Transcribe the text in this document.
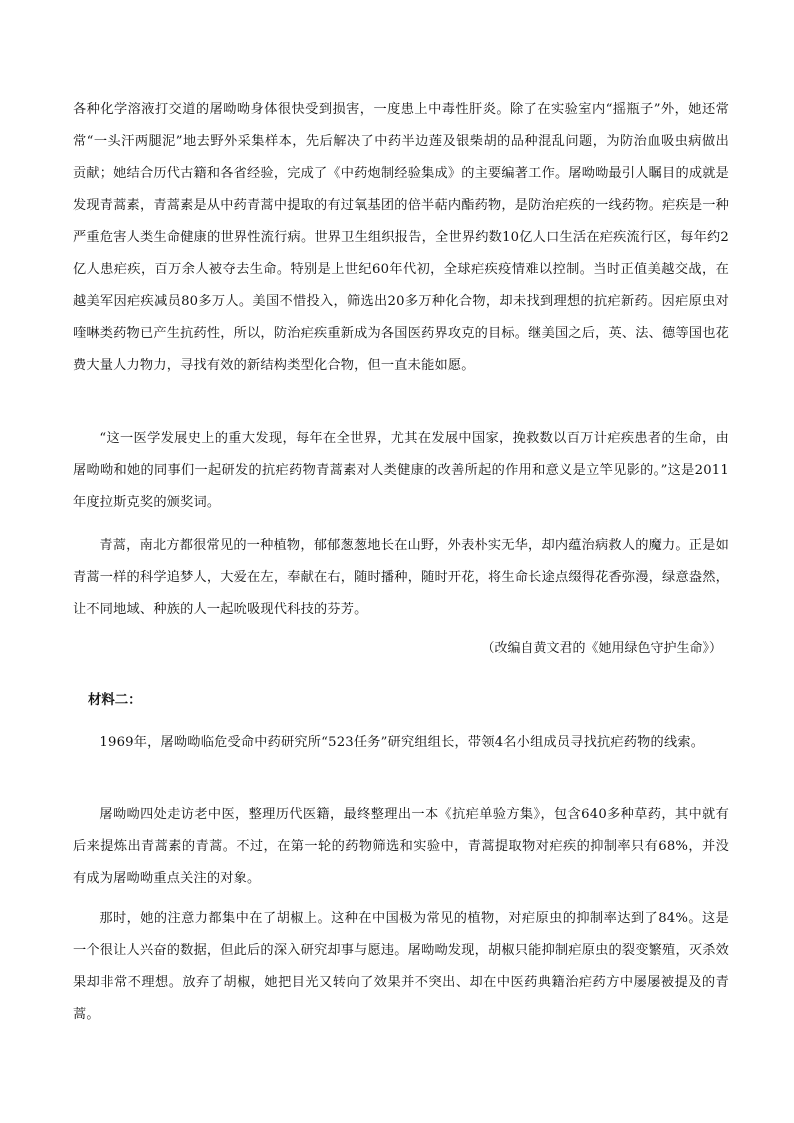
各种化学溶液打交道的屠呦呦身体很快受到损害，一度患上中毒性肝炎。除了在实验室内“摇瓶子”外，她还常常“一头汗两腿泥”地去野外采集样本，先后解决了中药半边莲及银柴胡的品种混乱问题，为防治血吸虫病做出贡献；她结合历代古籍和各省经验，完成了《中药炮制经验集成》的主要编著工作。屠呦呦最引人瞩目的成就是发现青蒿素，青蒿素是从中药青蒿中提取的有过氧基团的倍半萜内酯药物，是防治疟疾的一线药物。疟疾是一种严重危害人类生命健康的世界性流行病。世界卫生组织报告，全世界约数10亿人口生活在疟疾流行区，每年约2亿人患疟疾，百万余人被夺去生命。特别是上世纪60年代初，全球疟疾疫情难以控制。当时正值美越交战，在越美军因疟疾减员80多万人。美国不惜投入，筛选出20多万种化合物，却未找到理想的抗疟新药。因疟原虫对喹啉类药物已产生抗药性，所以，防治疟疾重新成为各国医药界攻克的目标。继美国之后，英、法、德等国也花费大量人力物力，寻找有效的新结构类型化合物，但一直未能如愿。

“这一医学发展史上的重大发现，每年在全世界，尤其在发展中国家，挽救数以百万计疟疾患者的生命，由屠呦呦和她的同事们一起研发的抗疟药物青蒿素对人类健康的改善所起的作用和意义是立竿见影的。”这是2011年度拉斯克奖的颁奖词。

青蒿，南北方都很常见的一种植物，郁郁葱葱地长在山野，外表朴实无华，却内蕴治病救人的魔力。正是如青蒿一样的科学追梦人，大爱在左，奉献在右，随时播种，随时开花，将生命长途点缀得花香弥漫，绿意盎然，让不同地域、种族的人一起吮吸现代科技的芬芳。

（改编自黄文君的《她用绿色守护生命》）

材料二：

1969年，屠呦呦临危受命中药研究所“523任务”研究组组长，带领4名小组成员寻找抗疟药物的线索。

屠呦呦四处走访老中医，整理历代医籍，最终整理出一本《抗疟单验方集》，包含640多种草药，其中就有后来提炼出青蒿素的青蒿。不过，在第一轮的药物筛选和实验中，青蒿提取物对疟疾的抑制率只有68%，并没有成为屠呦呦重点关注的对象。

那时，她的注意力都集中在了胡椒上。这种在中国极为常见的植物，对疟原虫的抑制率达到了84%。这是一个很让人兴奋的数据，但此后的深入研究却事与愿违。屠呦呦发现，胡椒只能抑制疟原虫的裂变繁殖，灭杀效果却非常不理想。放弃了胡椒，她把目光又转向了效果并不突出、却在中医药典籍治疟药方中屡屡被提及的青蒿。
